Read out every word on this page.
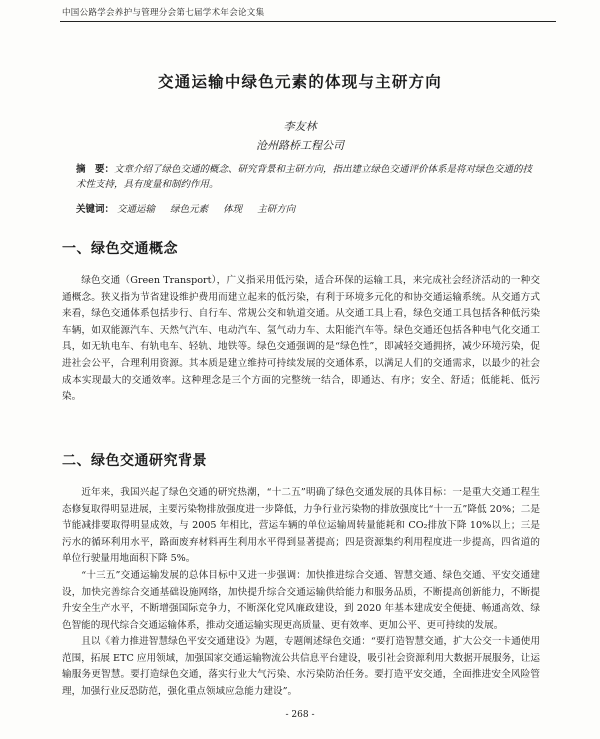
中国公路学会养护与管理分会第七届学术年会论文集
交通运输中绿色元素的体现与主研方向
李友林
沧州路桥工程公司
摘　要：文章介绍了绿色交通的概念、研究背景和主研方向，指出建立绿色交通评价体系是将对绿色交通的技术性支持，具有度量和制约作用。
关键词： 交通运输 绿色元素 体现 主研方向
一、绿色交通概念
绿色交通（Green Transport），广义指采用低污染，适合环保的运输工具，来完成社会经济活动的一种交通概念。狭义指为节省建设维护费用而建立起来的低污染，有利于环境多元化的和协交通运输系统。从交通方式来看，绿色交通体系包括步行、自行车、常规公交和轨道交通。从交通工具上看，绿色交通工具包括各种低污染车辆，如双能源汽车、天然气汽车、电动汽车、氢气动力车、太阳能汽车等。绿色交通还包括各种电气化交通工具，如无轨电车、有轨电车、轻轨、地铁等。绿色交通强调的是“绿色性”，即减轻交通拥挤，减少环境污染，促进社会公平，合理利用资源。其本质是建立维持可持续发展的交通体系，以满足人们的交通需求，以最少的社会成本实现最大的交通效率。这种理念是三个方面的完整统一结合，即通达、有序；安全、舒适；低能耗、低污染。
二、绿色交通研究背景
近年来，我国兴起了绿色交通的研究热潮，“十二五”明确了绿色交通发展的具体目标：一是重大交通工程生态修复取得明显进展，主要污染物排放强度进一步降低，力争行业污染物的排放强度比“十一五”降低 20%；二是节能减排要取得明显成效，与 2005 年相比，营运车辆的单位运输周转量能耗和 CO₂排放下降 10%以上；三是污水的循环利用水平，路面废弃材料再生利用水平得到显著提高；四是资源集约利用程度进一步提高，四省道的单位行驶量用地面积下降 5%。
“十三五”交通运输发展的总体目标中又进一步强调：加快推进综合交通、智慧交通、绿色交通、平安交通建设，加快完善综合交通基础设施网络，加快提升综合交通运输供给能力和服务品质，不断提高创新能力，不断提升安全生产水平，不断增强国际竞争力，不断深化党风廉政建设，到 2020 年基本建成安全便捷、畅通高效、绿色智能的现代综合交通运输体系，推动交通运输实现更高质量、更有效率、更加公平、更可持续的发展。
且以《着力推进智慧绿色平安交通建设》为题，专题阐述绿色交通：“要打造智慧交通，扩大公交一卡通使用范围，拓展 ETC 应用领域，加强国家交通运输物流公共信息平台建设，吸引社会资源利用大数据开展服务，让运输服务更智慧。要打造绿色交通，落实行业大气污染、水污染防治任务。要打造平安交通，全面推进安全风险管理，加强行业反恐防范，强化重点领域应急能力建设”。
- 268 -
